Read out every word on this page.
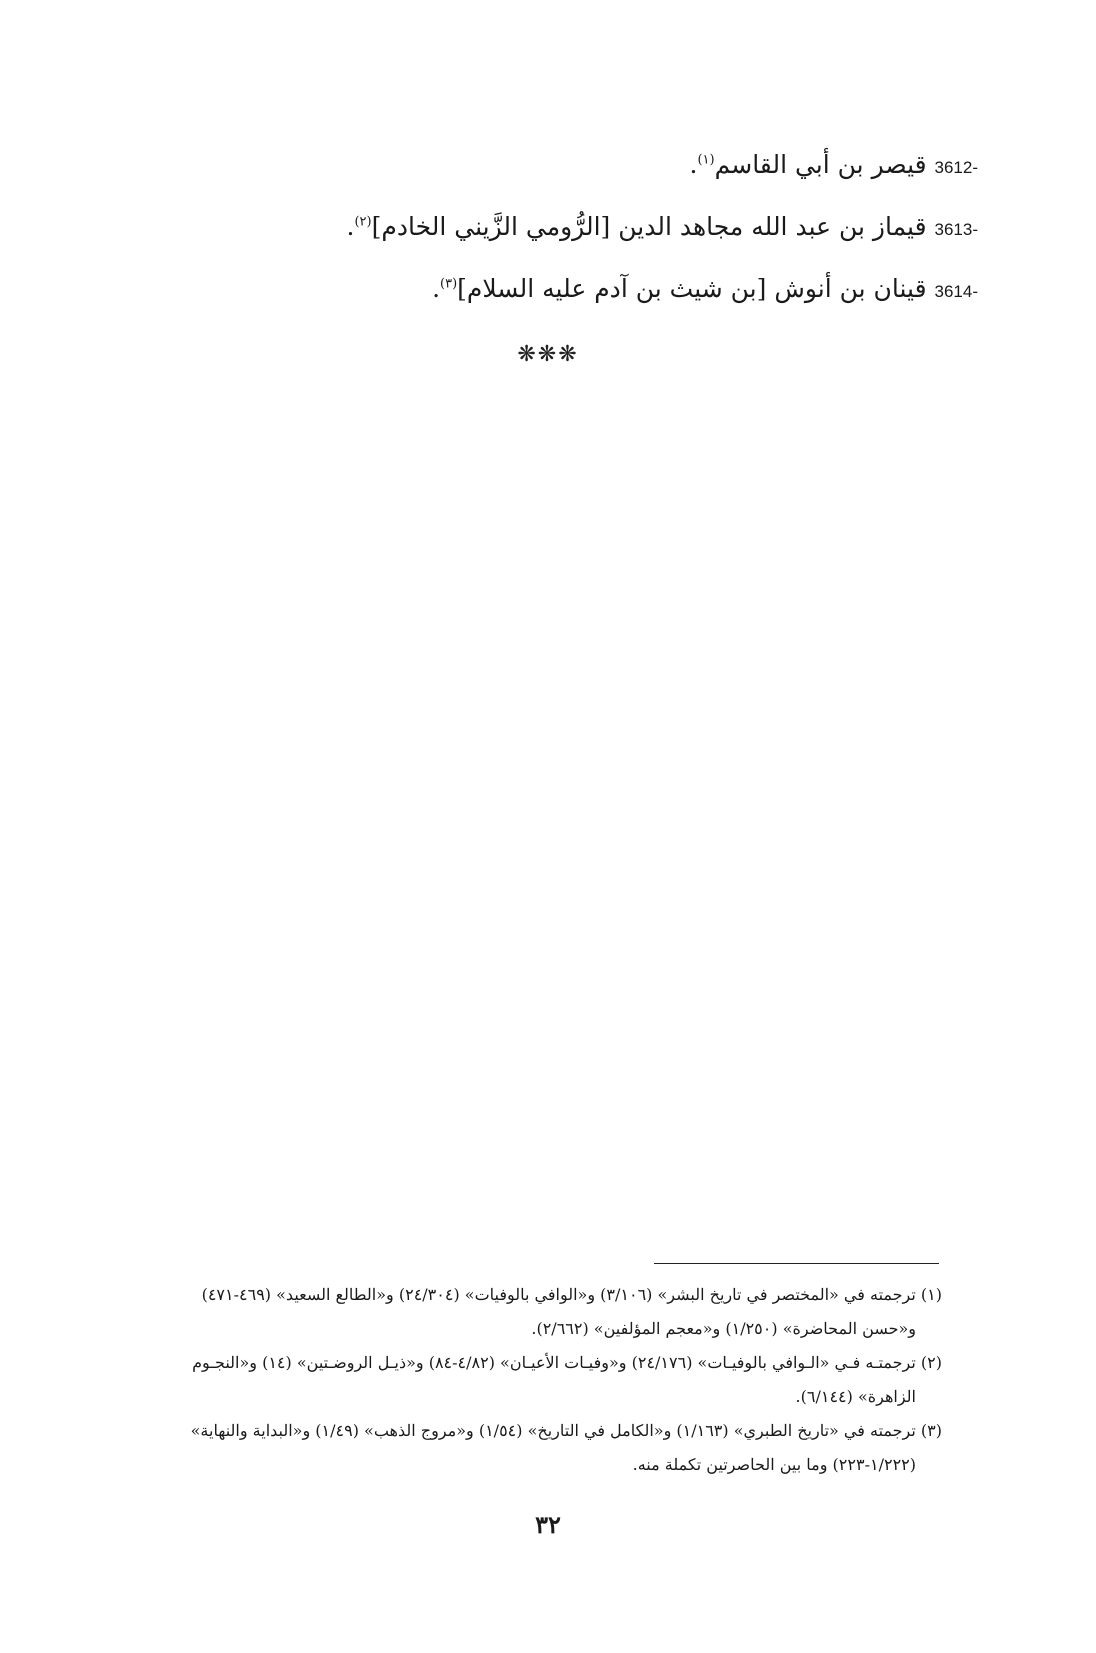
3612- قيصر بن أبي القاسم$^{(١)}$.
3613- قيماز بن عبد الله مجاهد الدين [الرُّومي الزَّيني الخادم]$^{(٢)}$.
3614- قينان بن أنوش [بن شيث بن آدم عليه السلام]$^{(٣)}$.
❋❋❋

(١) ترجمته في «المختصر في تاريخ البشر» (٣/١٠٦) و«الوافي بالوفيات» (٢٤/٣٠٤) و«الطالع السعيد» (٤٦٩-٤٧١)
و«حسن المحاضرة» (١/٢٥٠) و«معجم المؤلفين» (٢/٦٦٢).

(٢) ترجمتـه فـي «الـوافي بالوفيـات» (٢٤/١٧٦) و«وفيـات الأعيـان» (٤/٨٢-٨٤) و«ذيـل الروضـتين» (١٤) و«النجـوم
الزاهرة» (٦/١٤٤).

(٣) ترجمته في «تاريخ الطبري» (١/١٦٣) و«الكامل في التاريخ» (١/٥٤) و«مروج الذهب» (١/٤٩) و«البداية والنهاية»
(١/٢٢٢-٢٢٣) وما بين الحاصرتين تكملة منه.

٣٢
